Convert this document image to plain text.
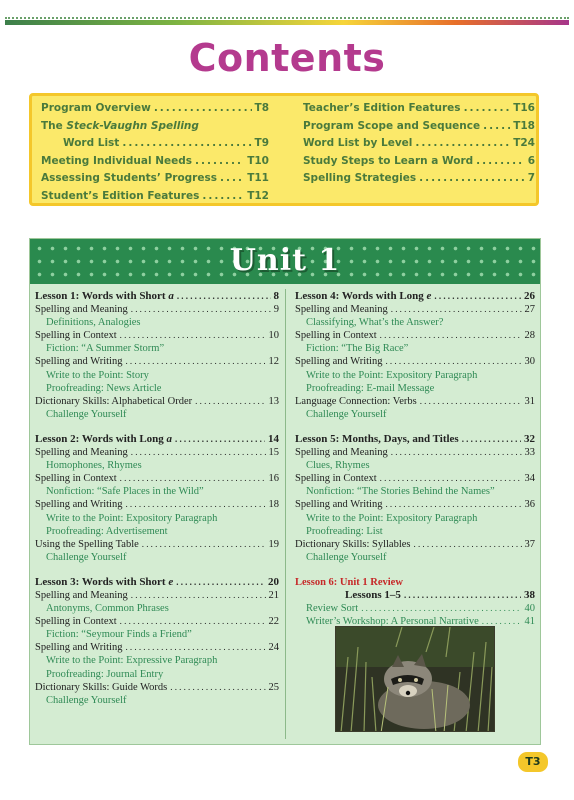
Contents
Program Overview .....	T8
The Steck-Vaughn Spelling
Word List .....	T9
Meeting Individual Needs .....	T10
Assessing Students’ Progress .....	T11
Student’s Edition Features .....	T12
Teacher’s Edition Features .....	T16
Program Scope and Sequence .....	T18
Word List by Level .....	T24
Study Steps to Learn a Word .....	6
Spelling Strategies .....	7
Unit 1
Lesson 1: Words with Short a .....	8
Spelling and Meaning .....	9
Definitions, Analogies
Spelling in Context .....	10
Fiction: “A Summer Storm”
Spelling and Writing .....	12
Write to the Point: Story
Proofreading: News Article
Dictionary Skills: Alphabetical Order .....	13
Challenge Yourself
Lesson 2: Words with Long a .....	14
Spelling and Meaning .....	15
Homophones, Rhymes
Spelling in Context .....	16
Nonfiction: “Safe Places in the Wild”
Spelling and Writing .....	18
Write to the Point: Expository Paragraph
Proofreading: Advertisement
Using the Spelling Table .....	19
Challenge Yourself
Lesson 3: Words with Short e .....	20
Spelling and Meaning .....	21
Antonyms, Common Phrases
Spelling in Context .....	22
Fiction: “Seymour Finds a Friend”
Spelling and Writing .....	24
Write to the Point: Expressive Paragraph
Proofreading: Journal Entry
Dictionary Skills: Guide Words .....	25
Challenge Yourself
Lesson 4: Words with Long e .....	26
Spelling and Meaning .....	27
Classifying, What’s the Answer?
Spelling in Context .....	28
Fiction: “The Big Race”
Spelling and Writing .....	30
Write to the Point: Expository Paragraph
Proofreading: E-mail Message
Language Connection: Verbs .....	31
Challenge Yourself
Lesson 5: Months, Days, and Titles .....	32
Spelling and Meaning .....	33
Clues, Rhymes
Spelling in Context .....	34
Nonfiction: “The Stories Behind the Names”
Spelling and Writing .....	36
Write to the Point: Expository Paragraph
Proofreading: List
Dictionary Skills: Syllables .....	37
Challenge Yourself
Lesson 6: Unit 1 Review
Lessons 1–5 .....	38
Review Sort .....	40
Writer’s Workshop: A Personal Narrative .....	41
T3
